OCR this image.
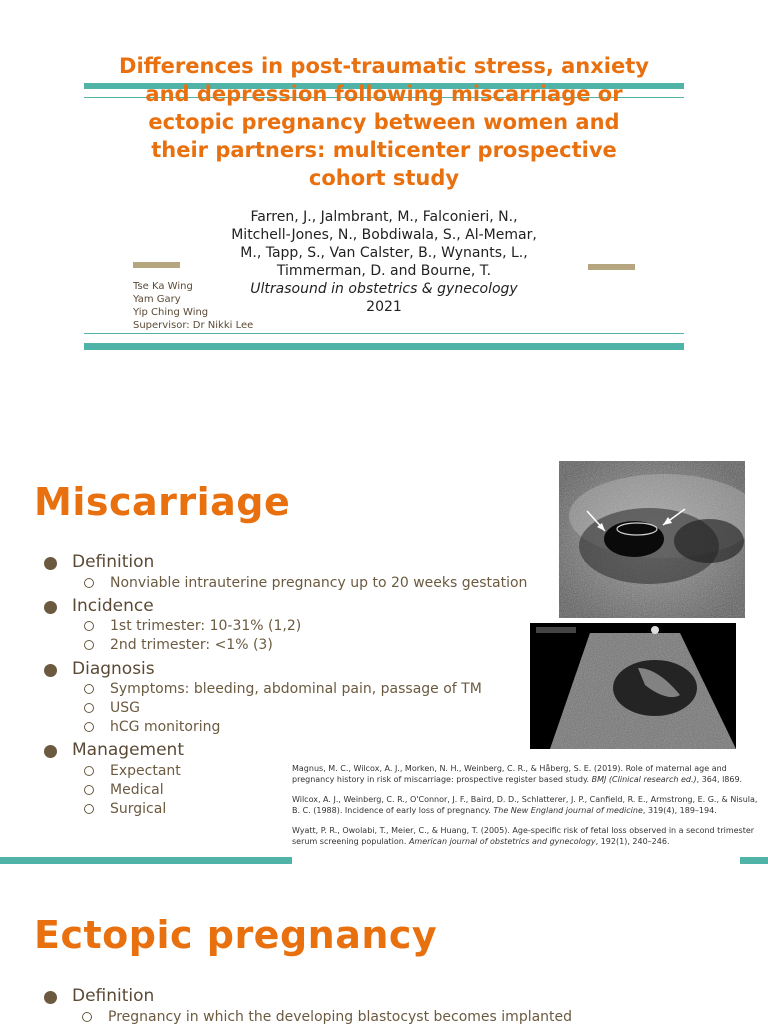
Differences in post-traumatic stress, anxiety
and depression following miscarriage or
ectopic pregnancy between women and
their partners: multicenter prospective
cohort study
Farren, J., Jalmbrant, M., Falconieri, N.,
Mitchell-Jones, N., Bobdiwala, S., Al-Memar,
M., Tapp, S., Van Calster, B., Wynants, L.,
Timmerman, D. and Bourne, T.
Ultrasound in obstetrics & gynecology
2021
Tse Ka Wing
Yam Gary
Yip Ching Wing
Supervisor: Dr Nikki Lee
Miscarriage
Definition
Nonviable intrauterine pregnancy up to 20 weeks gestation
Incidence
1st trimester: 10-31% (1,2)
2nd trimester: <1% (3)
Diagnosis
Symptoms: bleeding, abdominal pain, passage of TM
USG
hCG monitoring
Management
Expectant
Medical
Surgical

Magnus, M. C., Wilcox, A. J., Morken, N. H., Weinberg, C. R., & Håberg, S. E. (2019). Role of maternal age and pregnancy history in risk of miscarriage: prospective register based study. BMJ (Clinical research ed.), 364, l869.

Wilcox, A. J., Weinberg, C. R., O'Connor, J. F., Baird, D. D., Schlatterer, J. P., Canfield, R. E., Armstrong, E. G., & Nisula, B. C. (1988). Incidence of early loss of pregnancy. The New England journal of medicine, 319(4), 189–194.

Wyatt, P. R., Owolabi, T., Meier, C., & Huang, T. (2005). Age-specific risk of fetal loss observed in a second trimester serum screening population. American journal of obstetrics and gynecology, 192(1), 240–246.

Ectopic pregnancy
Definition
Pregnancy in which the developing blastocyst becomes implanted
